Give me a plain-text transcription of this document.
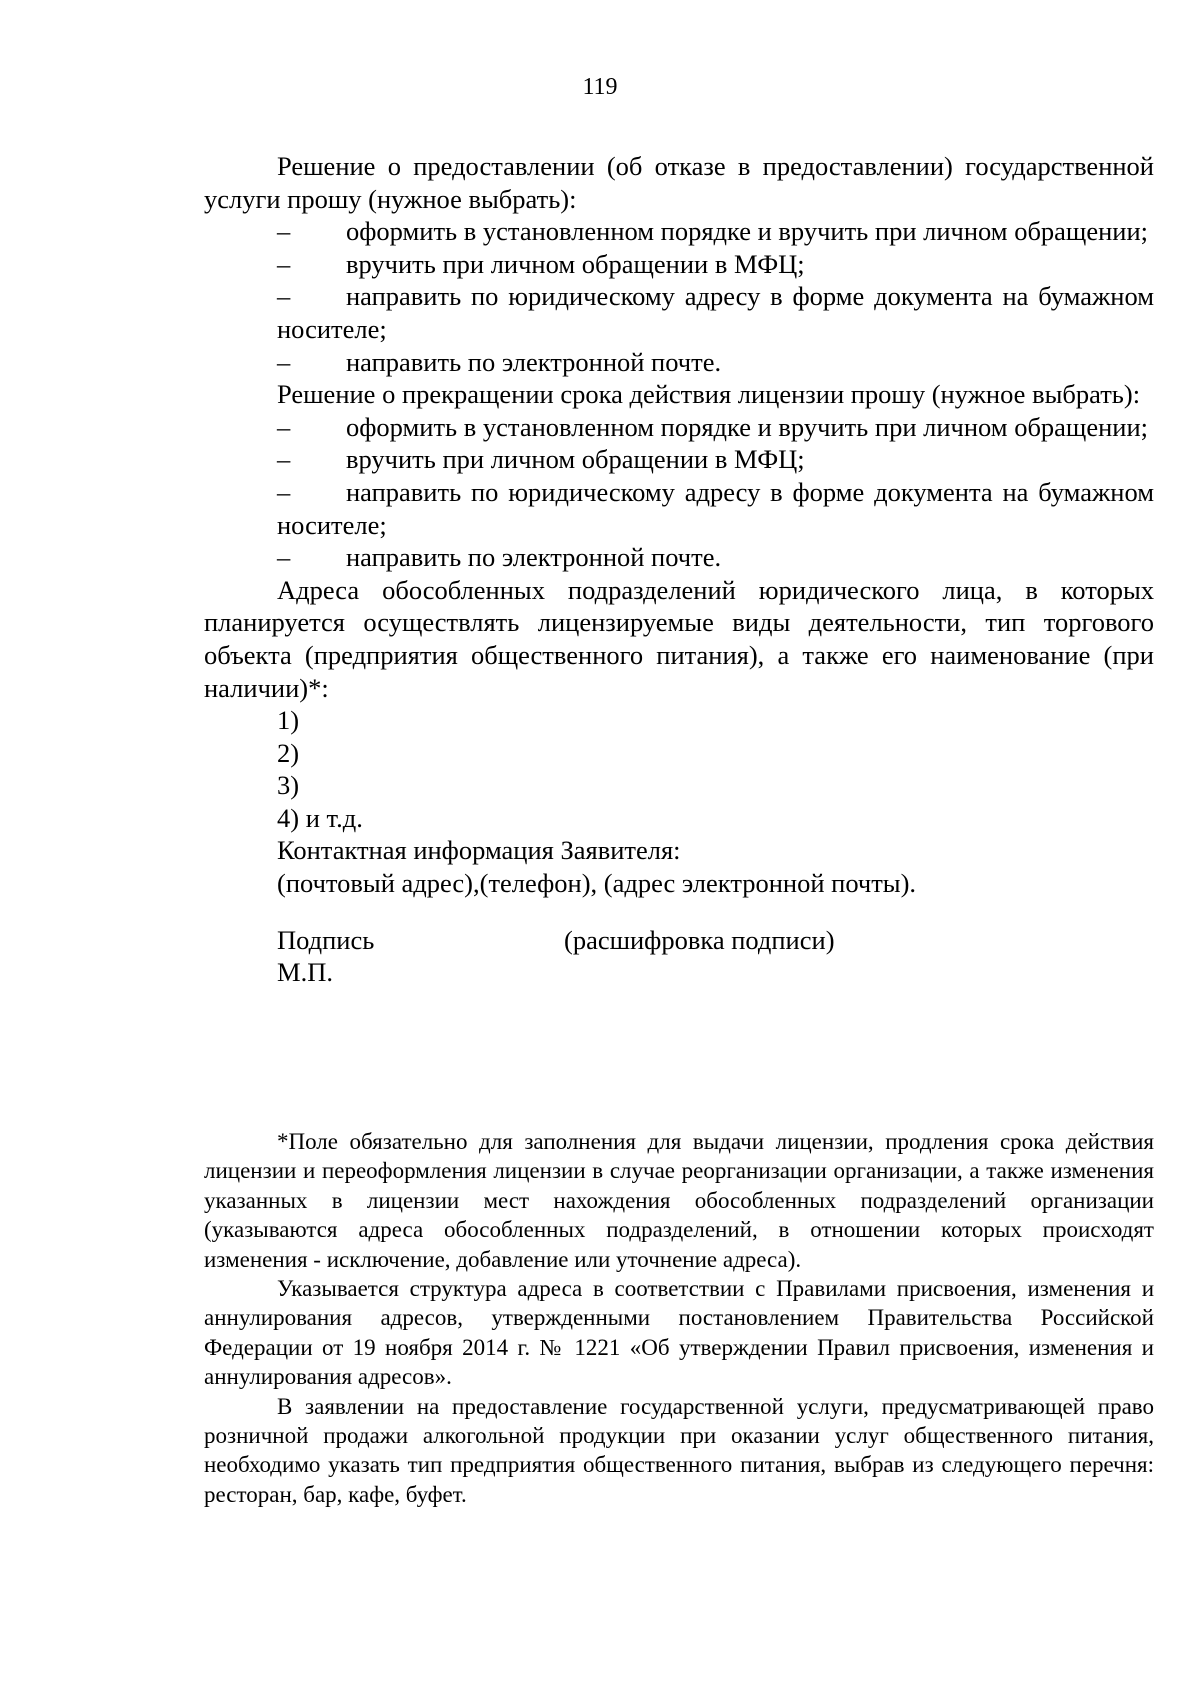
119

Решение о предоставлении (об отказе в предоставлении) государственной услуги прошу (нужное выбрать):

– оформить в установленном порядке и вручить при личном обращении;

– вручить при личном обращении в МФЦ;

– направить по юридическому адресу в форме документа на бумажном носителе;

– направить по электронной почте.

Решение о прекращении срока действия лицензии прошу (нужное выбрать):

– оформить в установленном порядке и вручить при личном обращении;

– вручить при личном обращении в МФЦ;

– направить по юридическому адресу в форме документа на бумажном носителе;

– направить по электронной почте.

Адреса обособленных подразделений юридического лица, в которых планируется осуществлять лицензируемые виды деятельности, тип торгового объекта (предприятия общественного питания), а также его наименование (при наличии)*:

1)

2)

3)

4) и т.д.

Контактная информация Заявителя:

(почтовый адрес),(телефон), (адрес электронной почты).

Подпись	(расшифровка подписи)

М.П.

*Поле обязательно для заполнения для выдачи лицензии, продления срока действия лицензии и переоформления лицензии в случае реорганизации организации, а также изменения указанных в лицензии мест нахождения обособленных подразделений организации (указываются адреса обособленных подразделений, в отношении которых происходят изменения - исключение, добавление или уточнение адреса).

Указывается структура адреса в соответствии с Правилами присвоения, изменения и аннулирования адресов, утвержденными постановлением Правительства Российской Федерации от 19 ноября 2014 г. № 1221 «Об утверждении Правил присвоения, изменения и аннулирования адресов».

В заявлении на предоставление государственной услуги, предусматривающей право розничной продажи алкогольной продукции при оказании услуг общественного питания, необходимо указать тип предприятия общественного питания, выбрав из следующего перечня: ресторан, бар, кафе, буфет.
